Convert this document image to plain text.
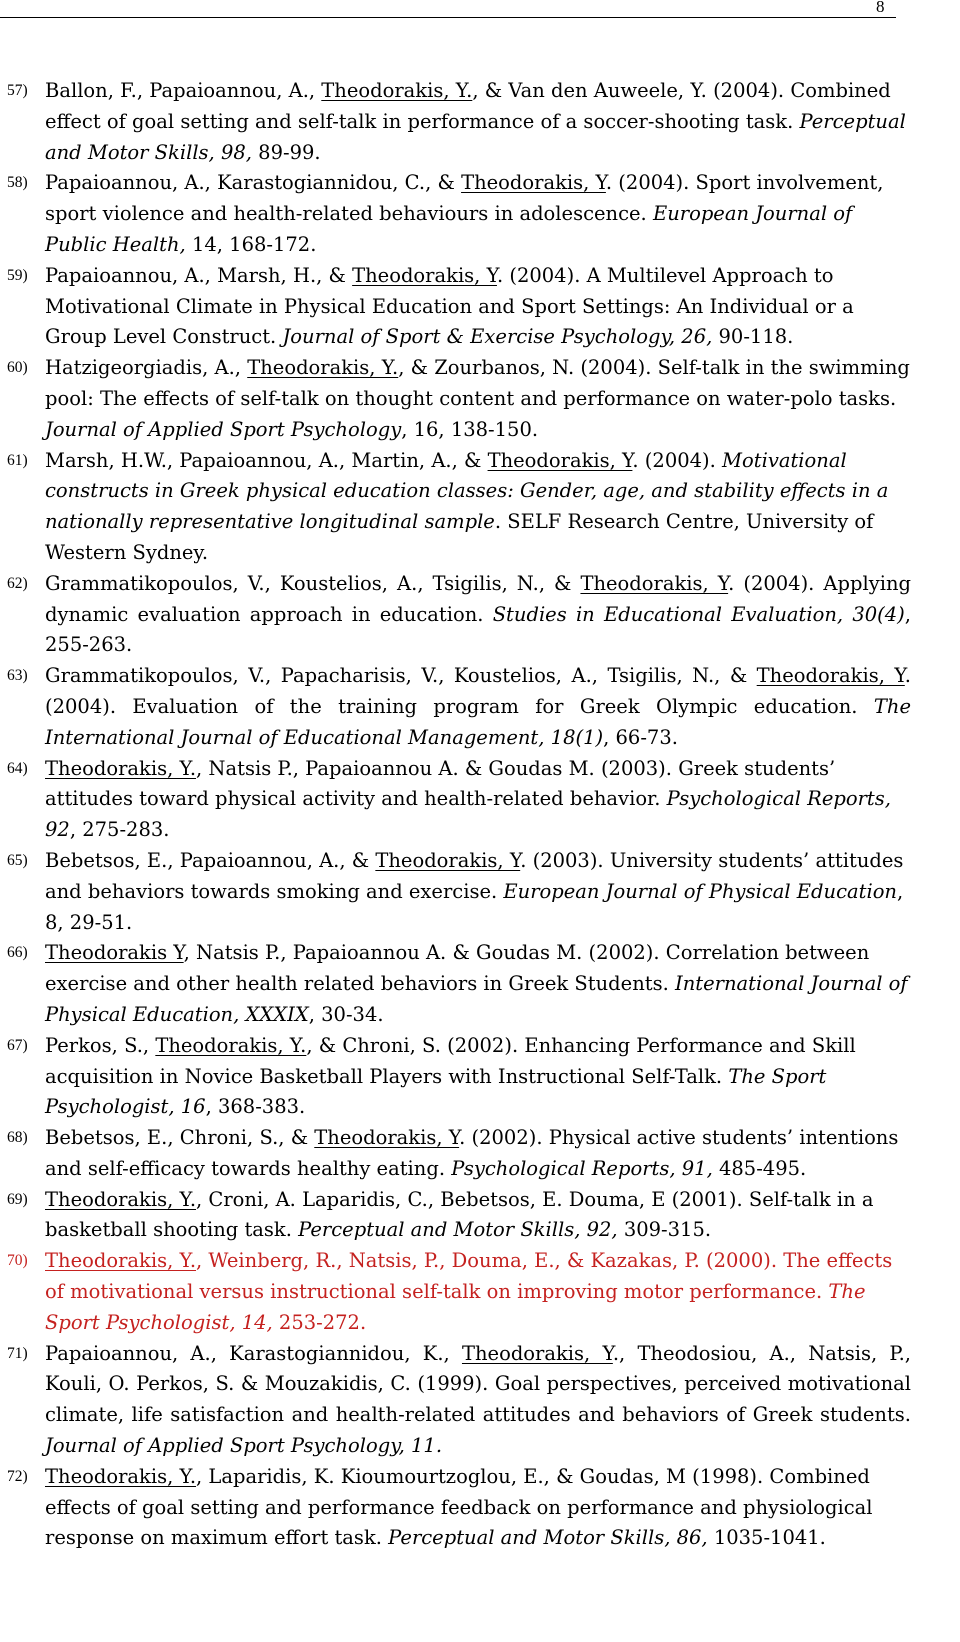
8
57) Ballon, F., Papaioannou, A., Theodorakis, Y., & Van den Auweele, Y. (2004). Combined effect of goal setting and self-talk in performance of a soccer-shooting task. Perceptual and Motor Skills, 98, 89-99.
58) Papaioannou, A., Karastogiannidou, C., & Theodorakis, Y. (2004). Sport involvement, sport violence and health-related behaviours in adolescence. European Journal of Public Health, 14, 168-172.
59) Papaioannou, A., Marsh, H., & Theodorakis, Y. (2004). A Multilevel Approach to Motivational Climate in Physical Education and Sport Settings: An Individual or a Group Level Construct. Journal of Sport & Exercise Psychology, 26, 90-118.
60) Hatzigeorgiadis, A., Theodorakis, Y., & Zourbanos, N. (2004). Self-talk in the swimming pool: The effects of self-talk on thought content and performance on water-polo tasks. Journal of Applied Sport Psychology, 16, 138-150.
61) Marsh, H.W., Papaioannou, A., Martin, A., & Theodorakis, Y. (2004). Motivational constructs in Greek physical education classes: Gender, age, and stability effects in a nationally representative longitudinal sample. SELF Research Centre, University of Western Sydney.
62) Grammatikopoulos, V., Koustelios, A., Tsigilis, N., & Theodorakis, Y. (2004). Applying dynamic evaluation approach in education. Studies in Educational Evaluation, 30(4), 255-263.
63) Grammatikopoulos, V., Papacharisis, V., Koustelios, A., Tsigilis, N., & Theodorakis, Y. (2004). Evaluation of the training program for Greek Olympic education. The International Journal of Educational Management, 18(1), 66-73.
64) Theodorakis, Y., Natsis P., Papaioannou A. & Goudas M. (2003). Greek students’ attitudes toward physical activity and health-related behavior. Psychological Reports, 92, 275-283.
65) Bebetsos, E., Papaioannou, A., & Theodorakis, Y. (2003). University students’ attitudes and behaviors towards smoking and exercise. European Journal of Physical Education, 8, 29-51.
66) Theodorakis Y, Natsis P., Papaioannou A. & Goudas M. (2002). Correlation between exercise and other health related behaviors in Greek Students. International Journal of Physical Education, XXXIX, 30-34.
67) Perkos, S., Theodorakis, Y., & Chroni, S. (2002). Enhancing Performance and Skill acquisition in Novice Basketball Players with Instructional Self-Talk. The Sport Psychologist, 16, 368-383.
68) Bebetsos, E., Chroni, S., & Theodorakis, Y. (2002). Physical active students’ intentions and self-efficacy towards healthy eating. Psychological Reports, 91, 485-495.
69) Theodorakis, Y., Croni, A. Laparidis, C., Bebetsos, E. Douma, E (2001). Self-talk in a basketball shooting task. Perceptual and Motor Skills, 92, 309-315.
70) Theodorakis, Y., Weinberg, R., Natsis, P., Douma, E., & Kazakas, P. (2000). The effects of motivational versus instructional self-talk on improving motor performance. The Sport Psychologist, 14, 253-272.
71) Papaioannou, A., Karastogiannidou, K., Theodorakis, Y., Theodosiou, A., Natsis, P., Kouli, O. Perkos, S. & Mouzakidis, C. (1999). Goal perspectives, perceived motivational climate, life satisfaction and health-related attitudes and behaviors of Greek students. Journal of Applied Sport Psychology, 11.
72) Theodorakis, Y., Laparidis, K. Kioumourtzoglou, E., & Goudas, M (1998). Combined effects of goal setting and performance feedback on performance and physiological response on maximum effort task. Perceptual and Motor Skills, 86, 1035-1041.
